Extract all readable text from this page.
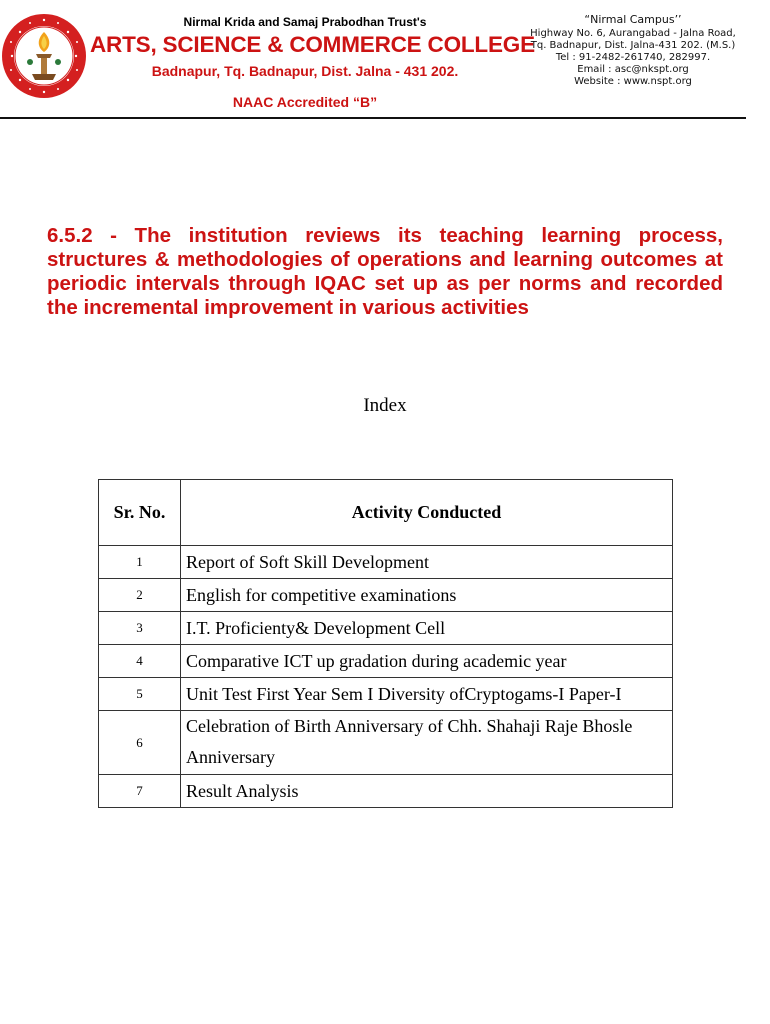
Nirmal Krida and Samaj Prabodhan Trust's
ARTS, SCIENCE & COMMERCE COLLEGE
Badnapur, Tq. Badnapur, Dist. Jalna - 431 202.
NAAC Accredited “B”
“Nirmal Campus’’
Highway No. 6, Aurangabad - Jalna Road,
Tq. Badnapur, Dist. Jalna-431 202. (M.S.)
Tel : 91-2482-261740, 282997.
Email : asc@nkspt.org
Website : www.nspt.org
6.5.2 - The institution reviews its teaching learning process, structures & methodologies of operations and learning outcomes at periodic intervals through IQAC set up as per norms and recorded the incremental improvement in various activities
Index
Sr. No.	Activity Conducted
1	Report of Soft Skill Development
2	English for competitive examinations
3	I.T. Proficienty& Development Cell
4	Comparative ICT up gradation during academic year
5	Unit Test First Year Sem I Diversity ofCryptogams-I Paper-I
6	Celebration of Birth Anniversary of Chh. Shahaji Raje Bhosle Anniversary
7	Result Analysis
